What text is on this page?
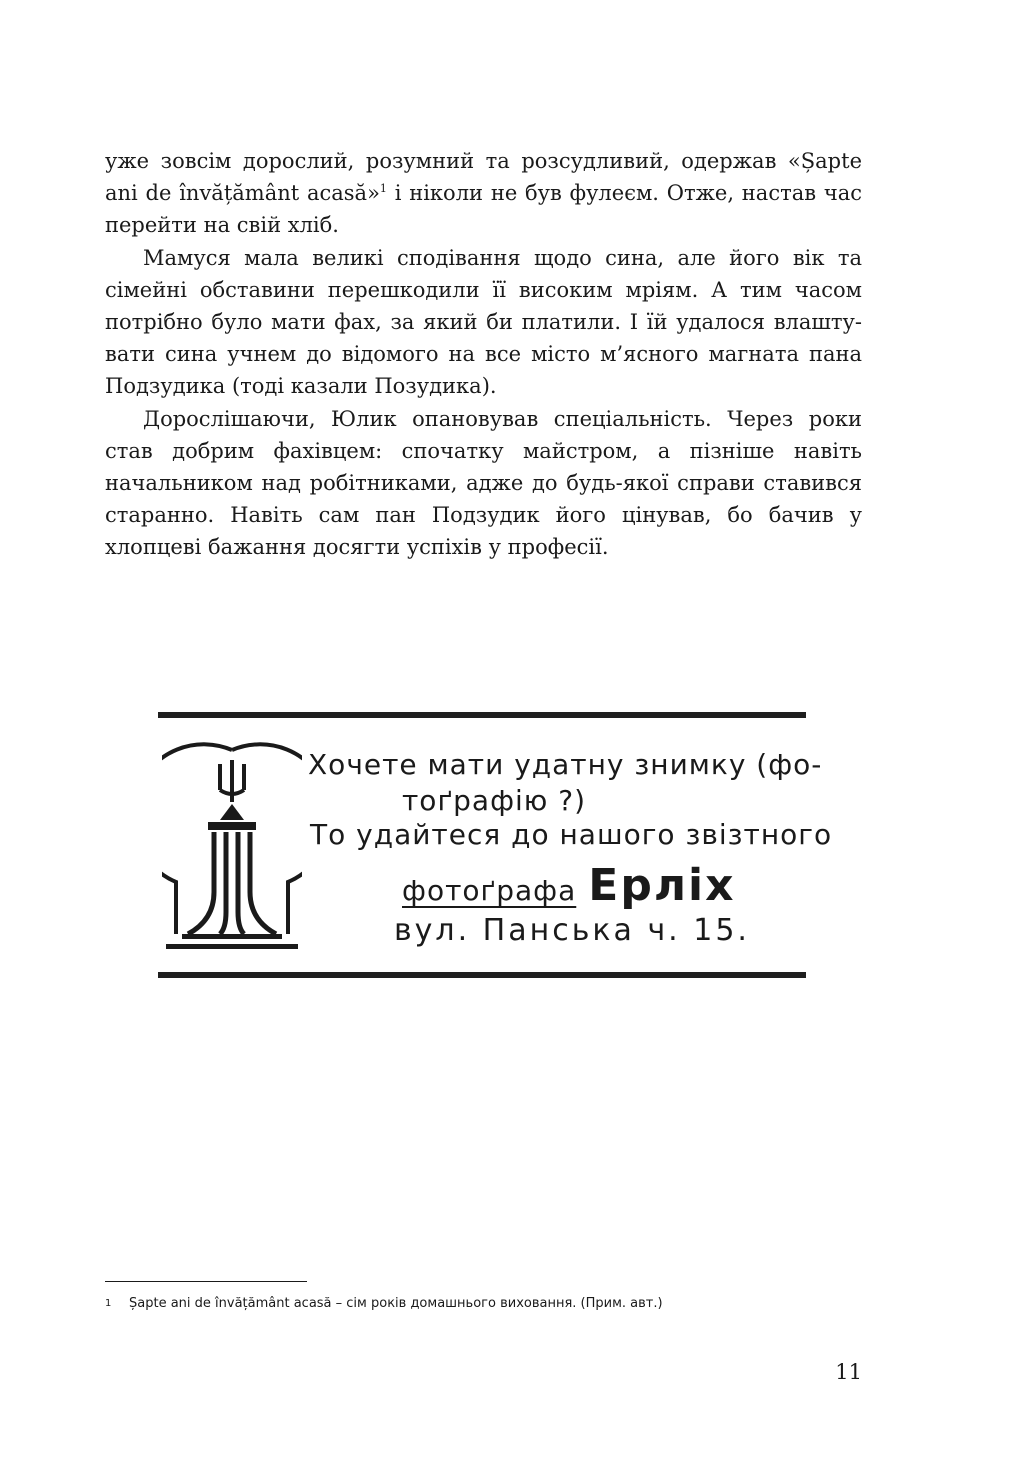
уже зовсім дорослий, розумний та розсудливий, одержав «Șapte ani de învățământ acasă»$^1$ і ніколи не був фулеєм. Отже, настав час перейти на свій хліб.

Мамуся мала великі сподівання щодо сина, але його вік та сімейні обставини перешкодили її високим мріям. А тим часом потрібно було мати фах, за який би платили. І їй удалося влаштувати сина учнем до відомого на все місто м’ясного магната пана Подзудика (тоді казали Позудика).

Дорослішаючи, Юлик опановував спеціальність. Через роки став добрим фахівцем: спочатку майстром, а пізніше навіть начальником над робітниками, адже до будь-якої справи ставився старанно. Навіть сам пан Подзудик його цінував, бо бачив у хлопцеві бажання досягти успіхів у професії.

Хочете мати удатну знимку (фо-
тоґрафію ?)
То удайтеся до нашого звізтного
фотоґрафа Ерліх
вул. Панська ч. 15.
1 Șapte ani de învățământ acasă – сім років домашнього виховання. (Прим. авт.)
11
